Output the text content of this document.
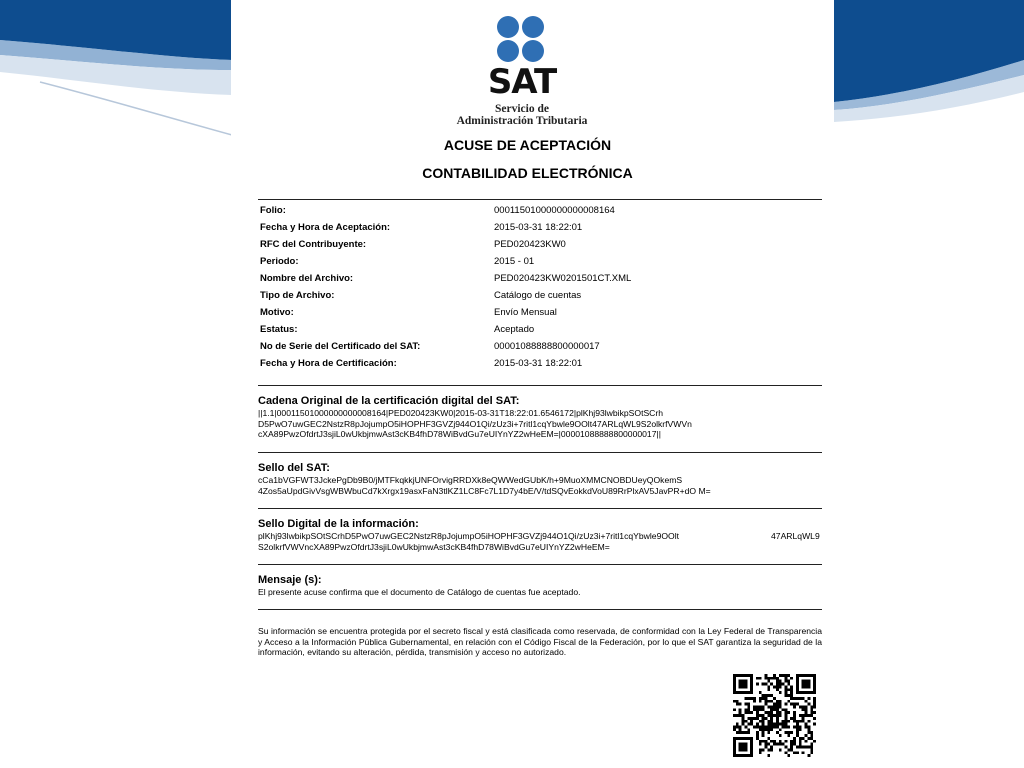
SAT
Servicio de
Administración Tributaria
ACUSE DE ACEPTACIÓN
CONTABILIDAD ELECTRÓNICA
Folio:	00011501000000000008164
Fecha y Hora de Aceptación:	2015-03-31 18:22:01
RFC del Contribuyente:	PED020423KW0
Periodo:	2015 - 01
Nombre del Archivo:	PED020423KW0201501CT.XML
Tipo de Archivo:	Catálogo de cuentas
Motivo:	Envío Mensual
Estatus:	Aceptado
No de Serie del Certificado del SAT:	00001088888800000017
Fecha y Hora de Certificación:	2015-03-31 18:22:01
Cadena Original de la certificación digital del SAT:
||1.1|00011501000000000008164|PED020423KW0|2015-03-31T18:22:01.6546172|plKhj93lwbikpSOtSCrh
D5PwO7uwGEC2NstzR8pJojumpO5iHOPHF3GVZj944O1Qi/zUz3i+7ritl1cqYbwle9OOlt47ARLqWL9S2olkrfVWVn
cXA89PwzOfdrtJ3sjiL0wUkbjmwAst3cKB4fhD78WiBvdGu7eUIYnYZ2wHeEM=|00001088888800000017||
Sello del SAT:
cCa1bVGFWT3JckePgDb9B0/jMTFkqkkjUNFOrvigRRDXk8eQWWedGUbK/h+9MuoXMMCNOBDUeyQOkemS
4Zos5aUpdGivVsgWBWbuCd7kXrgx19asxFaN3tlKZ1LC8Fc7L1D7y4bE/V/tdSQvEokkdVoU89RrPlxAV5JavPR+dO M=
Sello Digital de la información:
plKhj93lwbikpSOtSCrhD5PwO7uwGEC2NstzR8pJojumpO5iHOPHF3GVZj944O1Qi/zUz3i+7ritl1cqYbwle9OOlt	47ARLqWL9
S2olkrfVWVncXA89PwzOfdrtJ3sjiL0wUkbjmwAst3cKB4fhD78WiBvdGu7eUIYnYZ2wHeEM=
Mensaje (s):
El presente acuse confirma que el documento de Catálogo de cuentas fue aceptado.
Su información se encuentra protegida por el secreto fiscal y está clasificada como reservada, de conformidad con la Ley Federal de Transparencia y Acceso a la Información Pública Gubernamental, en relación con el Código Fiscal de la Federación, por lo que el SAT garantiza la seguridad de la información, evitando su alteración, pérdida, transmisión y acceso no autorizado.
